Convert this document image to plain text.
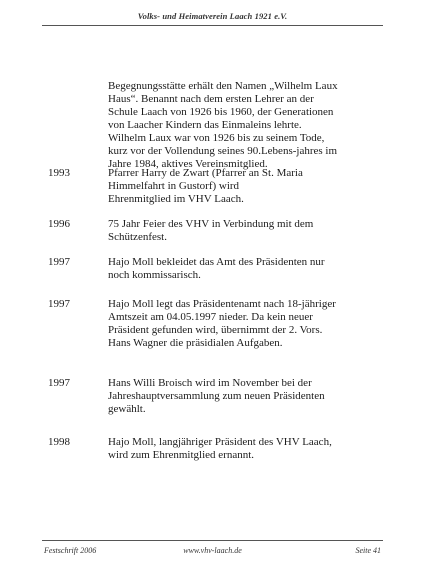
Volks- und Heimatverein Laach 1921 e.V.
Begegnungsstätte erhält den Namen „Wilhelm Laux
Haus“. Benannt nach dem ersten Lehrer an der
Schule Laach von 1926 bis 1960, der Generationen
von Laacher Kindern das Einmaleins lehrte.
Wilhelm Laux war von 1926 bis zu seinem Tode,
kurz vor der Vollendung seines 90.Lebens-jahres im
Jahre 1984, aktives Vereinsmitglied.
1993	Pfarrer Harry de Zwart (Pfarrer an St. Maria
Himmelfahrt in Gustorf) wird
Ehrenmitglied im VHV Laach.
1996	75 Jahr Feier des VHV in Verbindung mit dem
Schützenfest.
1997	Hajo Moll bekleidet das Amt des Präsidenten nur
noch kommissarisch.
1997	Hajo Moll legt das Präsidentenamt nach 18-jähriger
Amtszeit am 04.05.1997 nieder. Da kein neuer
Präsident gefunden wird, übernimmt der 2. Vors.
Hans Wagner die präsidialen Aufgaben.
1997	Hans Willi Broisch wird im November bei der
Jahreshauptversammlung zum neuen Präsidenten
gewählt.
1998	Hajo Moll, langjähriger Präsident des VHV Laach,
wird zum Ehrenmitglied ernannt.
Festschrift 2006	www.vhv-laach.de	Seite 41
